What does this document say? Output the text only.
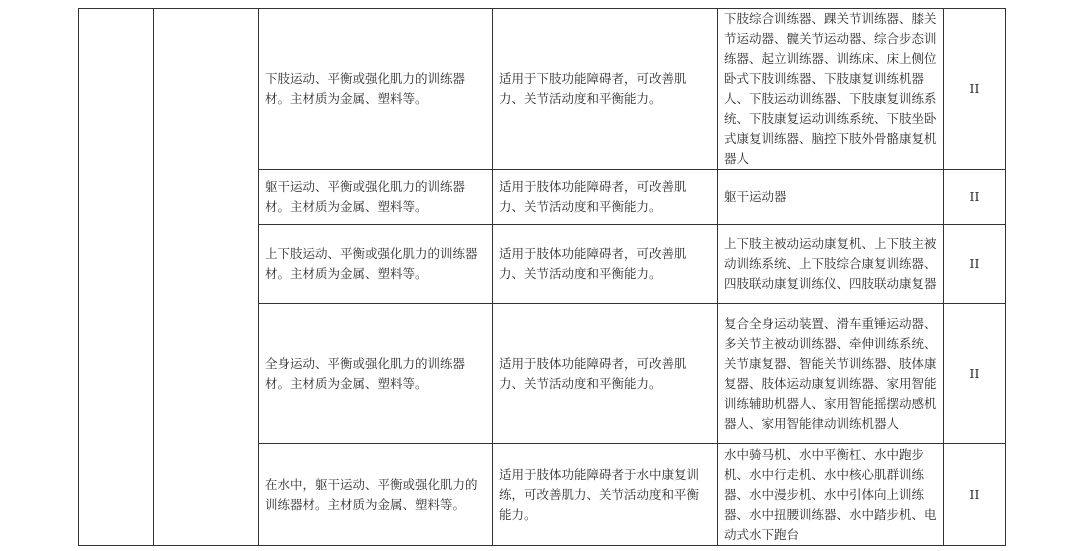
		下肢运动、平衡或强化肌力的训练器材。主材质为金属、塑料等。	适用于下肢功能障碍者，可改善肌力、关节活动度和平衡能力。	下肢综合训练器、踝关节训练器、膝关节运动器、髋关节运动器、综合步态训练器、起立训练器、训练床、床上侧位卧式下肢训练器、下肢康复训练机器人、下肢运动训练器、下肢康复训练系统、下肢康复运动训练系统、下肢坐卧式康复训练器、脑控下肢外骨骼康复机器人	II
		躯干运动、平衡或强化肌力的训练器材。主材质为金属、塑料等。	适用于肢体功能障碍者，可改善肌力、关节活动度和平衡能力。	躯干运动器	II
		上下肢运动、平衡或强化肌力的训练器材。主材质为金属、塑料等。	适用于肢体功能障碍者，可改善肌力、关节活动度和平衡能力。	上下肢主被动运动康复机、上下肢主被动训练系统、上下肢综合康复训练器、四肢联动康复训练仪、四肢联动康复器	II
		全身运动、平衡或强化肌力的训练器材。主材质为金属、塑料等。	适用于肢体功能障碍者，可改善肌力、关节活动度和平衡能力。	复合全身运动装置、滑车重锤运动器、多关节主被动训练器、牵伸训练系统、关节康复器、智能关节训练器、肢体康复器、肢体运动康复训练器、家用智能训练辅助机器人、家用智能摇摆动感机器人、家用智能律动训练机器人	II
		在水中，躯干运动、平衡或强化肌力的训练器材。主材质为金属、塑料等。	适用于肢体功能障碍者于水中康复训练，可改善肌力、关节活动度和平衡能力。	水中骑马机、水中平衡杠、水中跑步机、水中行走机、水中核心肌群训练器、水中漫步机、水中引体向上训练器、水中扭腰训练器、水中踏步机、电动式水下跑台	II
